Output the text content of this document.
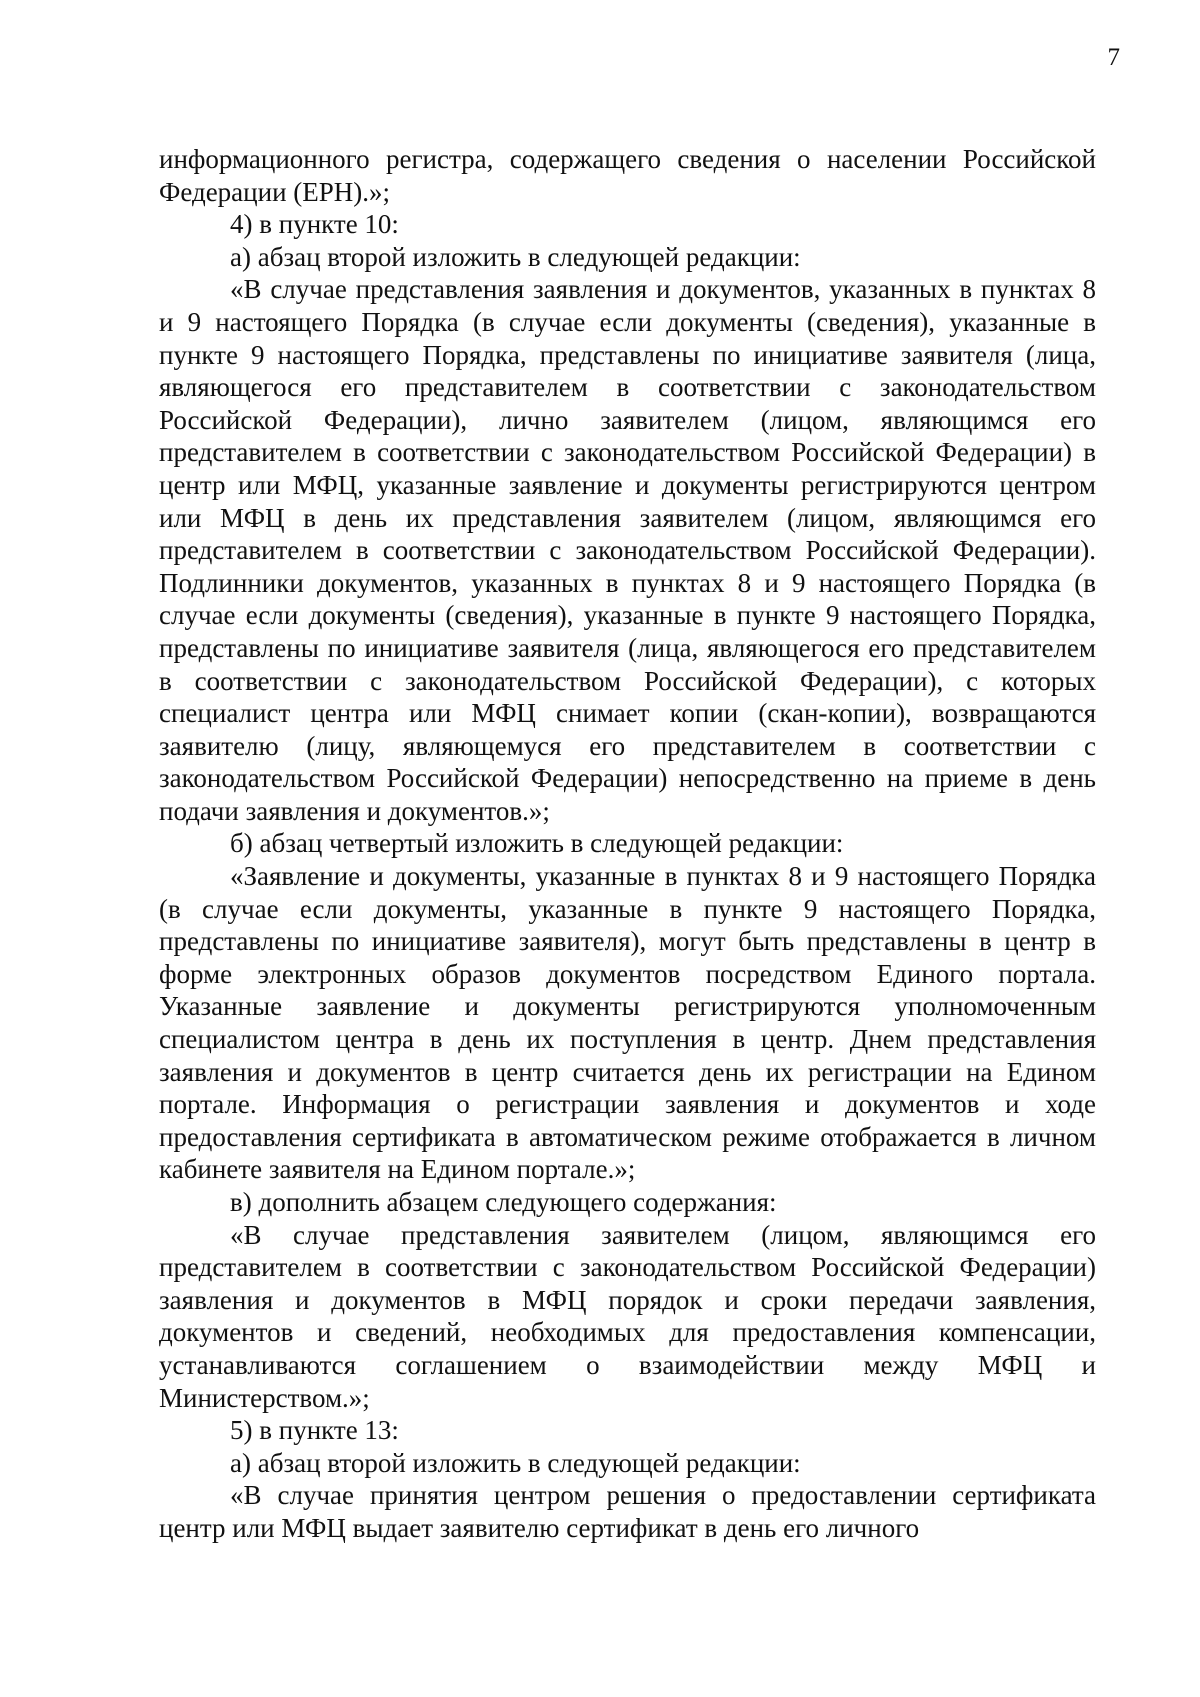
7

информационного регистра, содержащего сведения о населении Российской Федерации (ЕРН).»;

4) в пункте 10:

а) абзац второй изложить в следующей редакции:

«В случае представления заявления и документов, указанных в пунктах 8 и 9 настоящего Порядка (в случае если документы (сведения), указанные в пункте 9 настоящего Порядка, представлены по инициативе заявителя (лица, являющегося его представителем в соответствии с законодательством Российской Федерации), лично заявителем (лицом, являющимся его представителем в соответствии с законодательством Российской Федерации) в центр или МФЦ, указанные заявление и документы регистрируются центром или МФЦ в день их представления заявителем (лицом, являющимся его представителем в соответствии с законодательством Российской Федерации). Подлинники документов, указанных в пунктах 8 и 9 настоящего Порядка (в случае если документы (сведения), указанные в пункте 9 настоящего Порядка, представлены по инициативе заявителя (лица, являющегося его представителем в соответствии с законодательством Российской Федерации), с которых специалист центра или МФЦ снимает копии (скан-копии), возвращаются заявителю (лицу, являющемуся его представителем в соответствии с законодательством Российской Федерации) непосредственно на приеме в день подачи заявления и документов.»;

б) абзац четвертый изложить в следующей редакции:

«Заявление и документы, указанные в пунктах 8 и 9 настоящего Порядка (в случае если документы, указанные в пункте 9 настоящего Порядка, представлены по инициативе заявителя), могут быть представлены в центр в форме электронных образов документов посредством Единого портала. Указанные заявление и документы регистрируются уполномоченным специалистом центра в день их поступления в центр. Днем представления заявления и документов в центр считается день их регистрации на Едином портале. Информация о регистрации заявления и документов и ходе предоставления сертификата в автоматическом режиме отображается в личном кабинете заявителя на Едином портале.»;

в) дополнить абзацем следующего содержания:

«В случае представления заявителем (лицом, являющимся его представителем в соответствии с законодательством Российской Федерации) заявления и документов в МФЦ порядок и сроки передачи заявления, документов и сведений, необходимых для предоставления компенсации, устанавливаются соглашением о взаимодействии между МФЦ и Министерством.»;

5) в пункте 13:

а) абзац второй изложить в следующей редакции:

«В случае принятия центром решения о предоставлении сертификата центр или МФЦ выдает заявителю сертификат в день его личного
